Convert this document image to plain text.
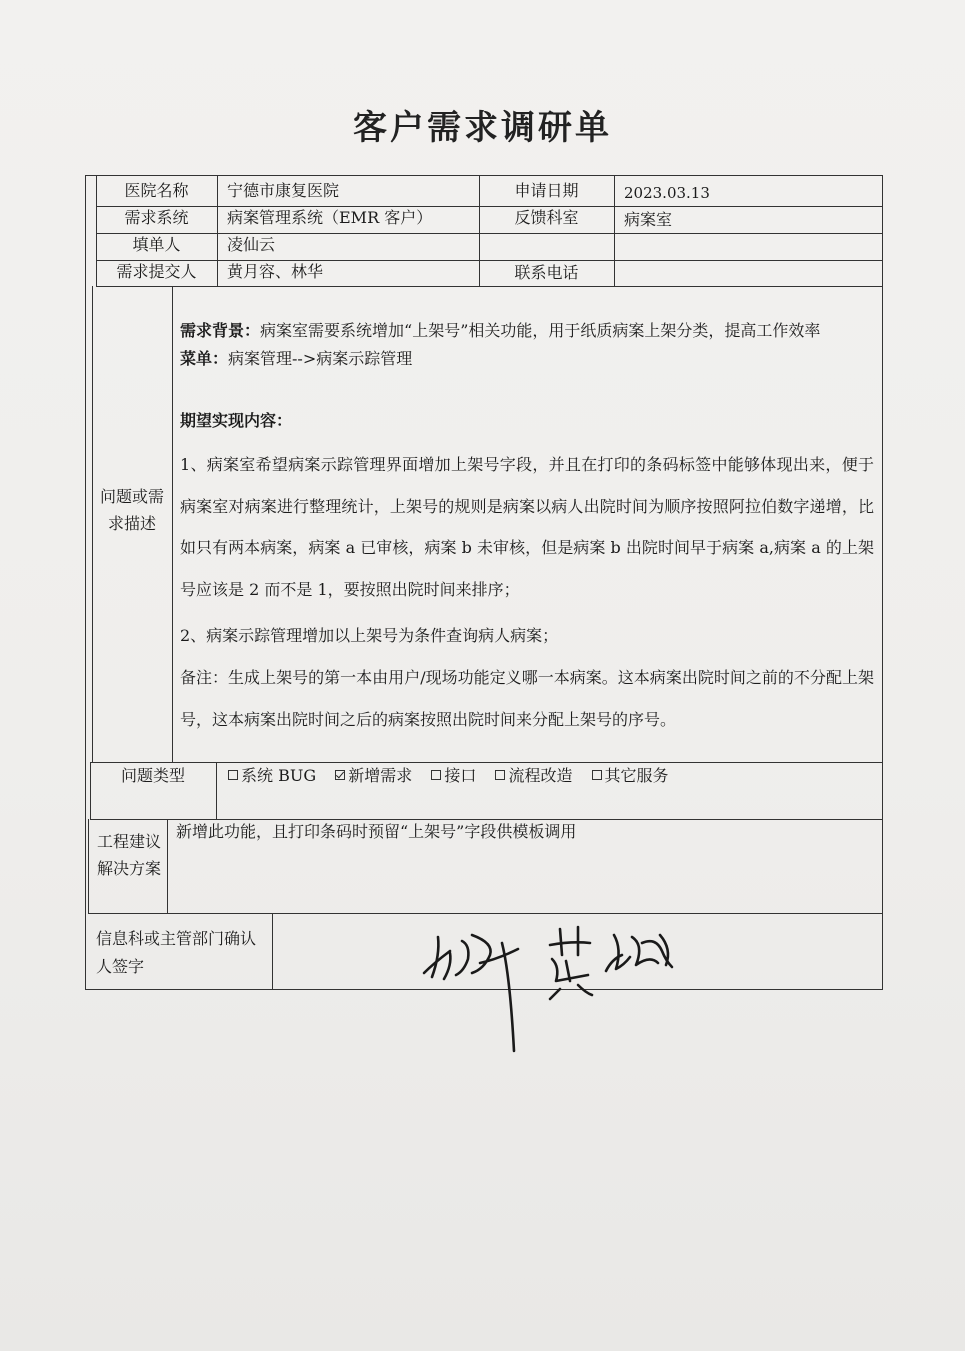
客户需求调研单
医院名称	宁德市康复医院	申请日期	2023.03.13
需求系统	病案管理系统（EMR 客户）	反馈科室	病案室
填单人	凌仙云
需求提交人	黄月容、林华	联系电话
问题或需求描述

需求背景：病案室需要系统增加“上架号”相关功能，用于纸质病案上架分类，提高工作效率

菜单：病案管理-->病案示踪管理

期望实现内容：
1、病案室希望病案示踪管理界面增加上架号字段，并且在打印的条码标签中能够体现出来，便于病案室对病案进行整理统计，上架号的规则是病案以病人出院时间为顺序按照阿拉伯数字递增，比如只有两本病案，病案 a 已审核，病案 b 未审核，但是病案 b 出院时间早于病案 a,病案 a 的上架号应该是 2 而不是 1，要按照出院时间来排序；
2、病案示踪管理增加以上架号为条件查询病人病案；
备注：生成上架号的第一本由用户/现场功能定义哪一本病案。这本病案出院时间之前的不分配上架号，这本病案出院时间之后的病案按照出院时间来分配上架号的序号。
问题类型	系统 BUG 新增需求 接口 流程改造 其它服务
工程建议解决方案
新增此功能，且打印条码时预留“上架号”字段供模板调用
信息科或主管部门确认人签字
